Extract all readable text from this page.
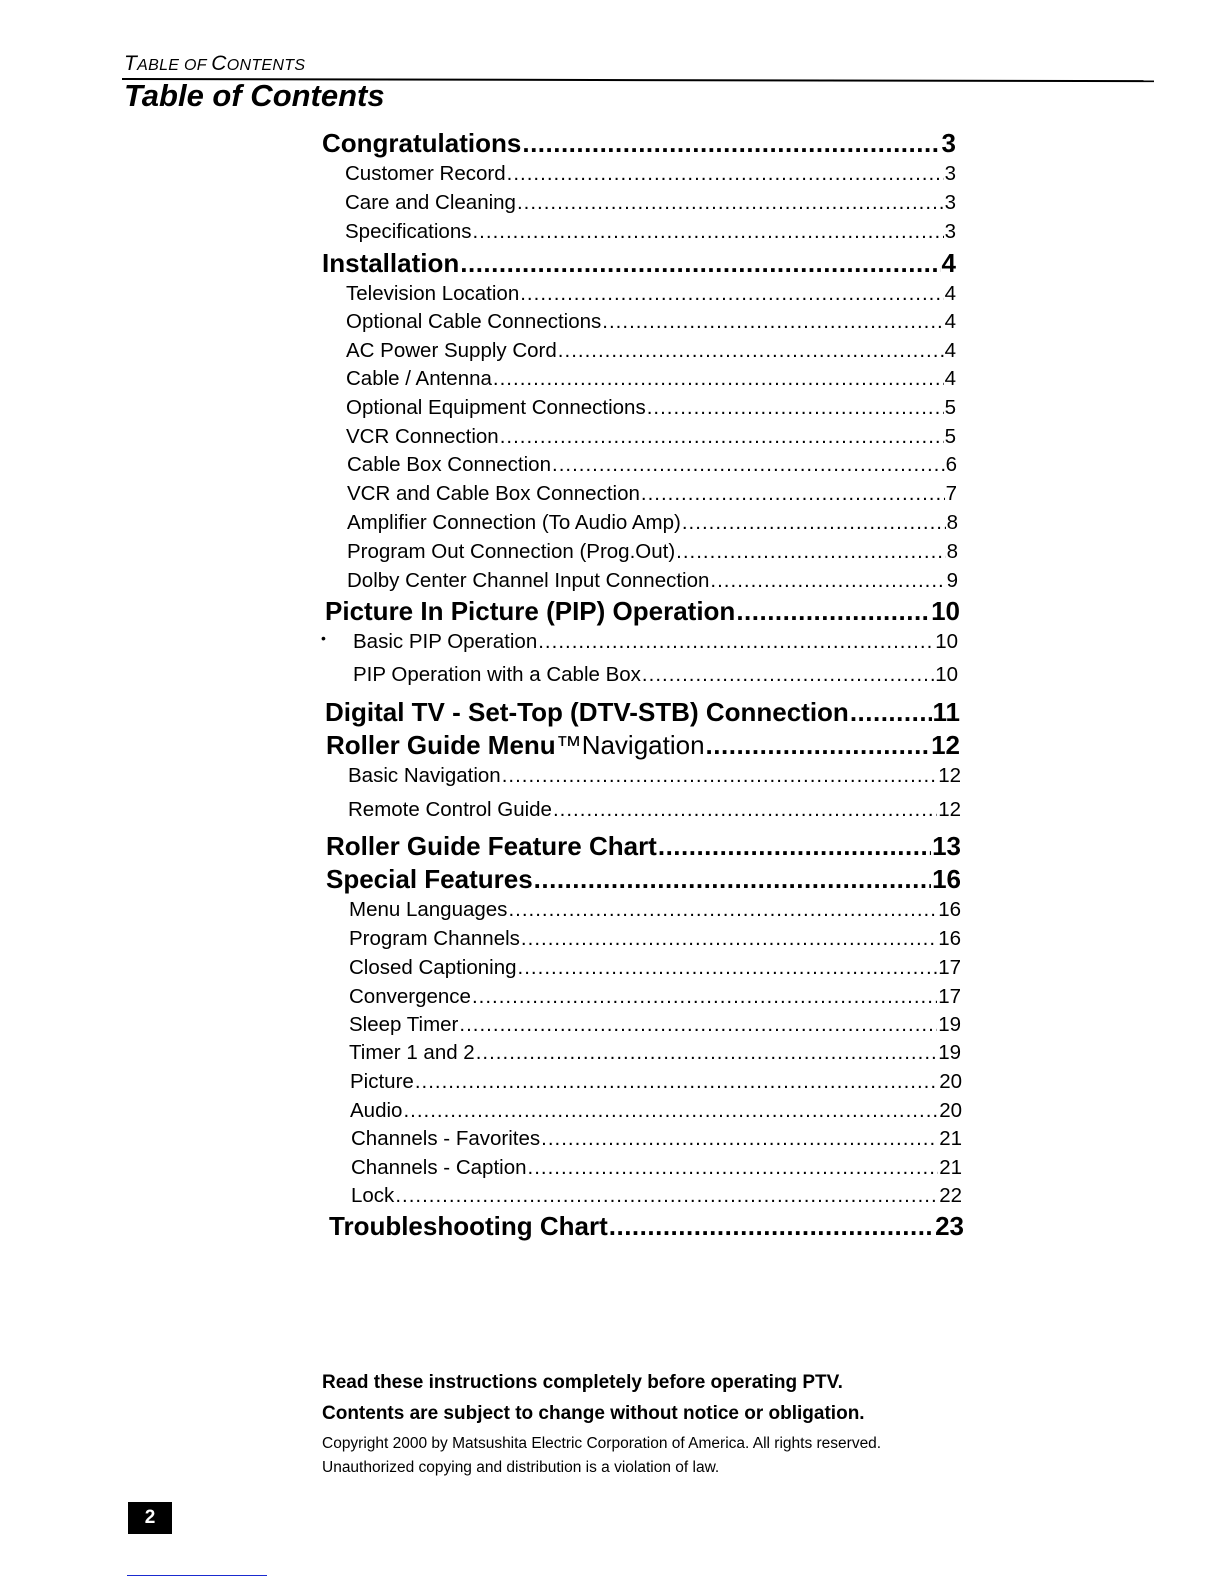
TABLE OF CONTENTS
Table of Contents
Congratulations .....	3
Customer Record .....	3
Care and Cleaning .....	3
Specifications .....	3
Installation .....	4
Television Location .....	4
Optional Cable Connections .....	4
AC Power Supply Cord .....	4
Cable / Antenna .....	4
Optional Equipment Connections .....	5
VCR Connection .....	5
Cable Box Connection .....	6
VCR and Cable Box Connection .....	7
Amplifier Connection (To Audio Amp) .....	8
Program Out Connection (Prog.Out) .....	8
Dolby Center Channel Input Connection .....	9
Picture In Picture (PIP) Operation .....	10
Basic PIP Operation .....	10
PIP Operation with a Cable Box .....	10
Digital TV - Set-Top (DTV-STB) Connection .....	11
Roller Guide Menu ™Navigation .....	12
Basic Navigation .....	12
Remote Control Guide .....	12
Roller Guide Feature Chart .....	13
Special Features .....	16
Menu Languages .....	16
Program Channels .....	16
Closed Captioning .....	17
Convergence .....	17
Sleep Timer .....	19
Timer 1 and 2 .....	19
Picture .....	20
Audio .....	20
Channels - Favorites .....	21
Channels - Caption .....	21
Lock .....	22
Troubleshooting Chart .....	23
•
Read these instructions completely before operating PTV.
Contents are subject to change without notice or obligation.
Copyright 2000 by Matsushita Electric Corporation of America. All rights reserved.
Unauthorized copying and distribution is a violation of law.
2
